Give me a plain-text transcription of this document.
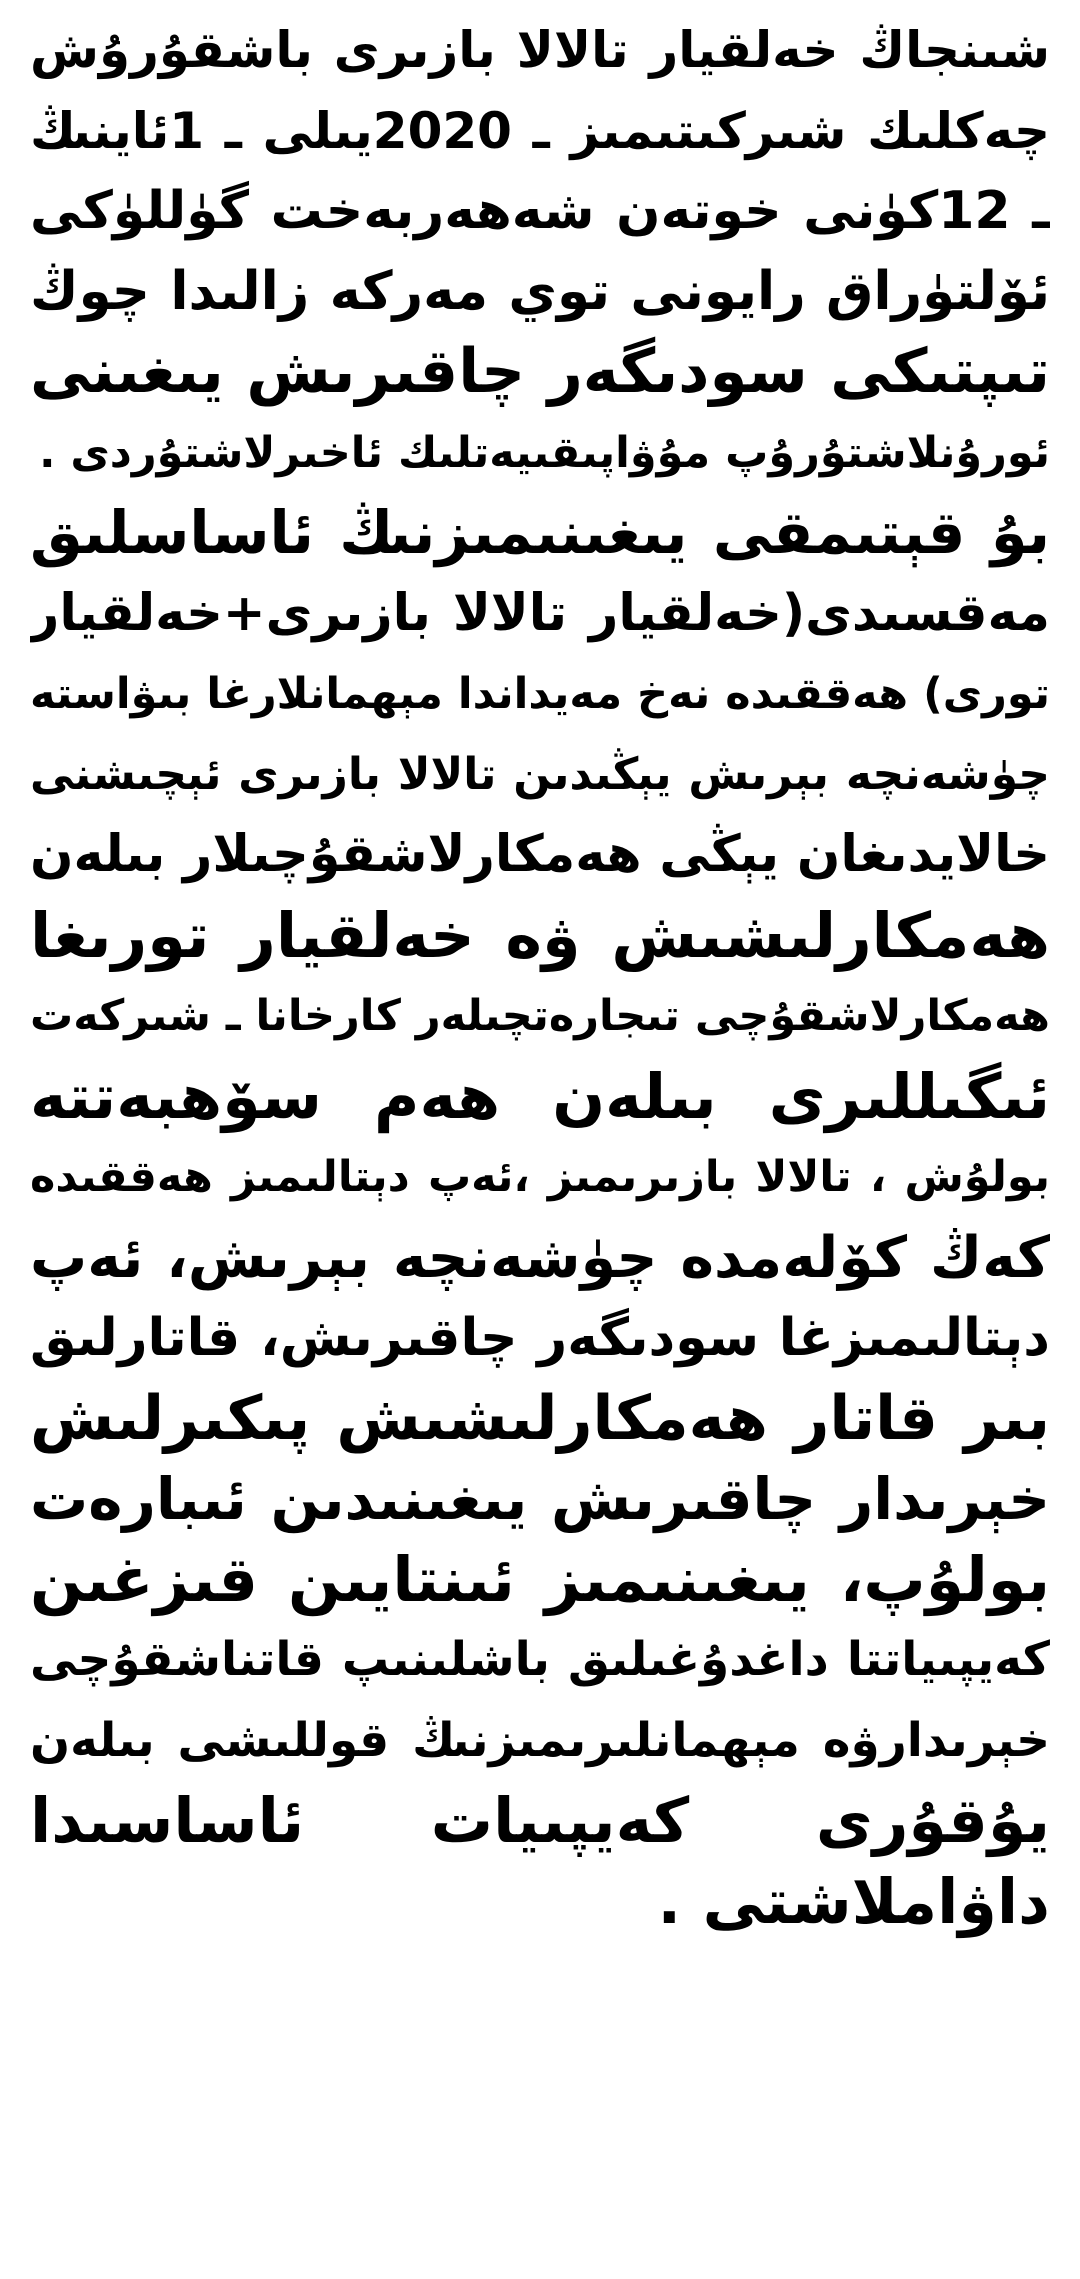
شىنجاڭ خەلقيار تالالا بازىرى باشقۇرۇش
چەكلىك شىركىتىمىز ـ 2020يىلى ـ 1ئاينىڭ
ـ 12كۈنى خوتەن شەھەربەخت گۈللۈكى
ئۆلتۈراق رايونى توي مەركە زالىدا چوڭ
تىپتىكى سودىگەر چاقىرىش يىغىنى
ئورۇنلاشتۇرۇپ مۇۋاپىقىيەتلىك ئاخىرلاشتۇردى .
بۇ قېتىمقى يىغىنىمىزنىڭ ئاساسلىق
مەقسىدى(خەلقيار تالالا بازىرى+خەلقيار
تورى) ھەققىدە نەخ مەيداندا مېھمانلارغا بىۋاستە
چۈشەنچە بېرىش يېڭىدىن تالالا بازىرى ئېچىشنى
خالايدىغان يېڭى ھەمكارلاشقۇچىلار بىلەن
ھەمكارلىشىش ۋە خەلقيار تورىغا
ھەمكارلاشقۇچى تىجارەتچىلەر كارخانا ـ شىركەت
ئىگىللىرى بىلەن ھەم سۆھبەتتە
بولۇش ، تالالا بازىرىمىز ،ئەپ دېتالىمىز ھەققىدە
كەڭ كۆلەمدە چۈشەنچە بېرىش، ئەپ
دېتالىمىزغا سودىگەر چاقىرىش، قاتارلىق
بىر قاتار ھەمكارلىشىش پىكىرلىش
خېرىدار چاقىرىش يىغىنىدىن ئىبارەت
بولۇپ، يىغىنىمىز ئىنتايىن قىزغىن
كەيپىياتتا داغدۇغىلىق باشلىنىپ قاتناشقۇچى
خېرىدارۋە مېھمانلىرىمىزنىڭ قوللىشى بىلەن
يۇقۇرى كەيپىيات ئاساسىدا
داۋاملاشتى .
